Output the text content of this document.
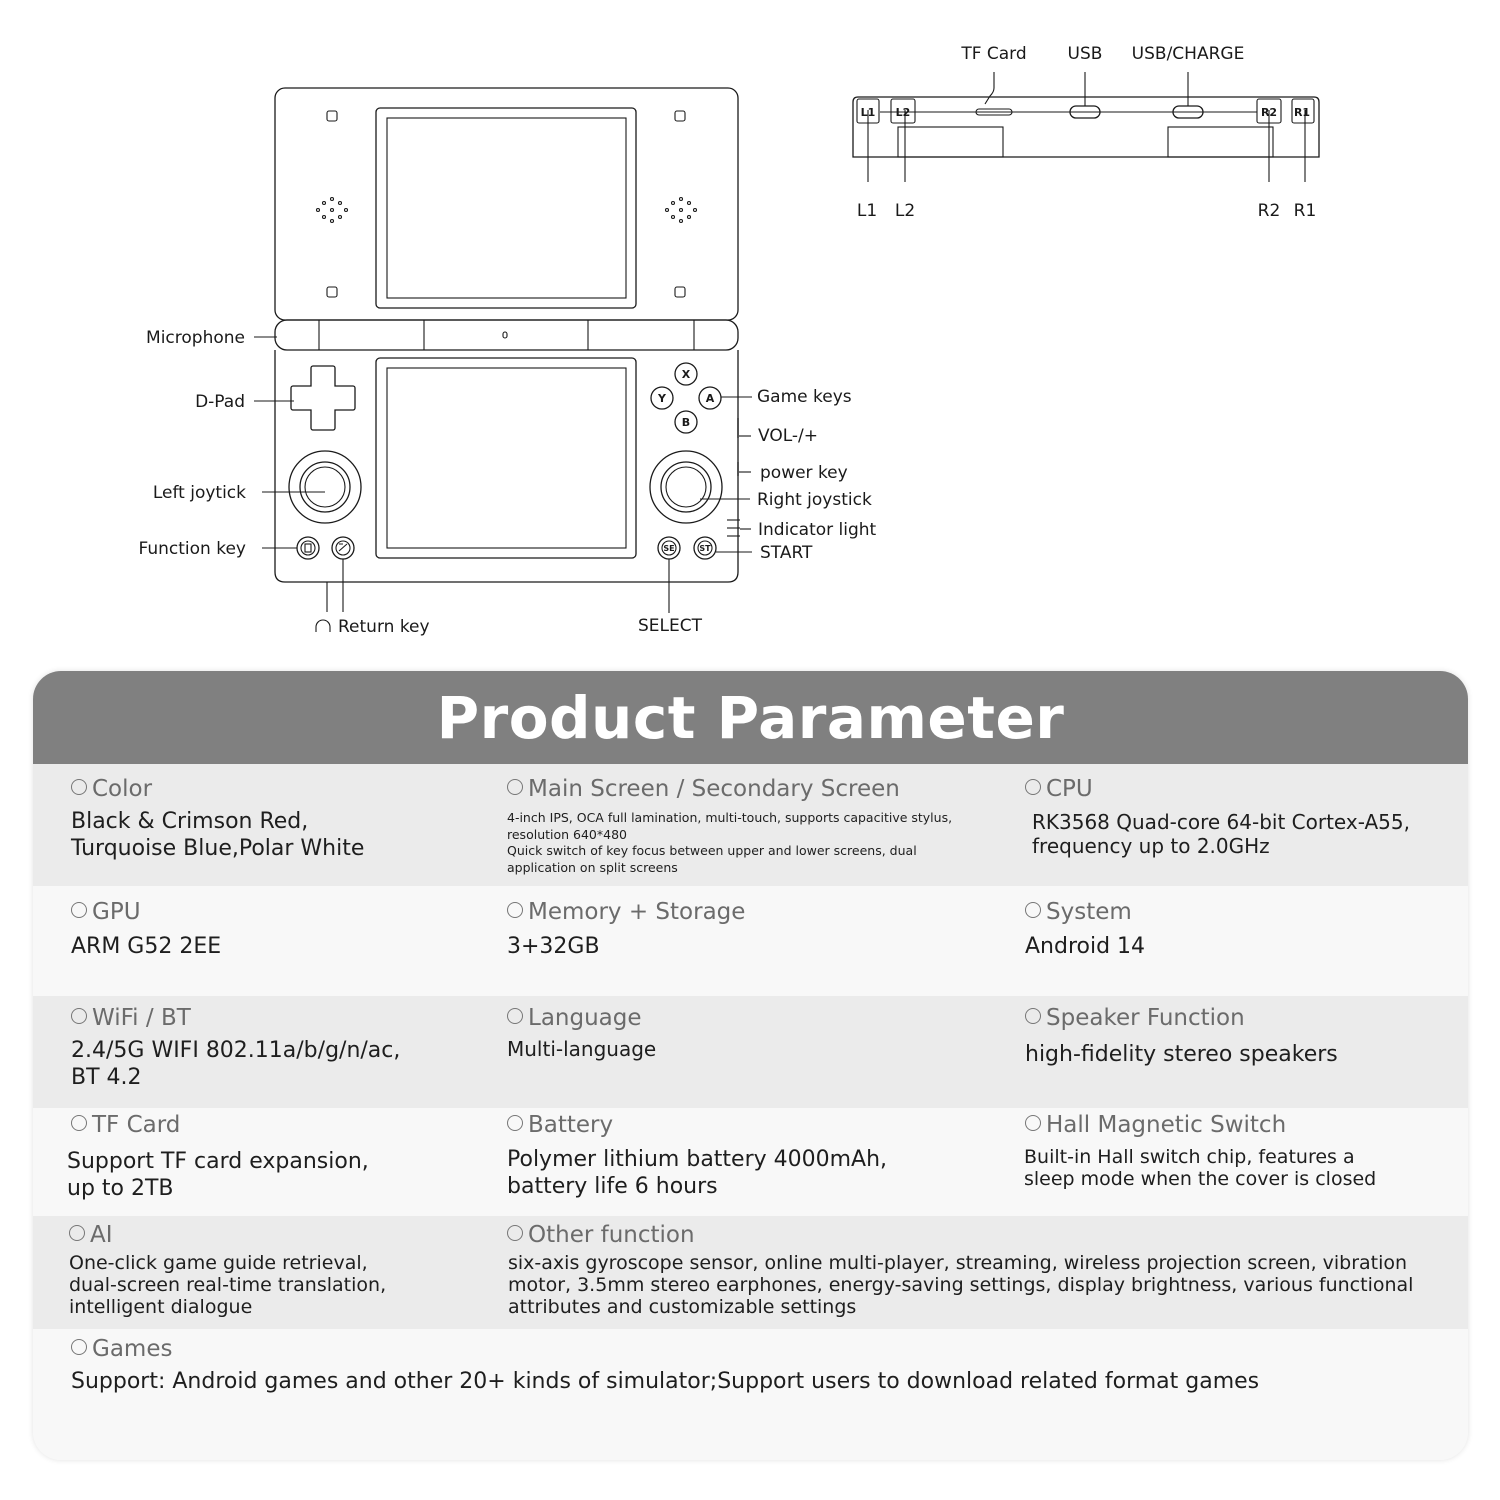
X
Y	A
B
SE	ST
Microphone
D-Pad
Left joytick
Function key
Return key	SELECT
Game keys
VOL-/+
power key
Right joystick
Indicator light
START
L1 L2	R2 R1
TF Card USB USB/CHARGE
L1 L2	R2 R1
Product Parameter

Color

Black & Crimson Red,
Turquoise Blue,Polar White

Main Screen / Secondary Screen

4-inch IPS, OCA full lamination, multi-touch, supports capacitive stylus,
resolution 640*480
Quick switch of key focus between upper and lower screens, dual
application on split screens

CPU

RK3568 Quad-core 64-bit Cortex-A55,
frequency up to 2.0GHz

GPU

ARM G52 2EE

Memory + Storage

3+32GB

System

Android 14

WiFi / BT

2.4/5G WIFI 802.11a/b/g/n/ac,
BT 4.2

Language

Multi-language

Speaker Function

high-fidelity stereo speakers

TF Card

Support TF card expansion,
up to 2TB

Battery

Polymer lithium battery 4000mAh,
battery life 6 hours

Hall Magnetic Switch

Built-in Hall switch chip, features a
sleep mode when the cover is closed

AI

One-click game guide retrieval,
dual-screen real-time translation,
intelligent dialogue

Other function

six-axis gyroscope sensor, online multi-player, streaming, wireless projection screen, vibration
motor, 3.5mm stereo earphones, energy-saving settings, display brightness, various functional
attributes and customizable settings

Games

Support: Android games and other 20+ kinds of simulator;Support users to download related format games
